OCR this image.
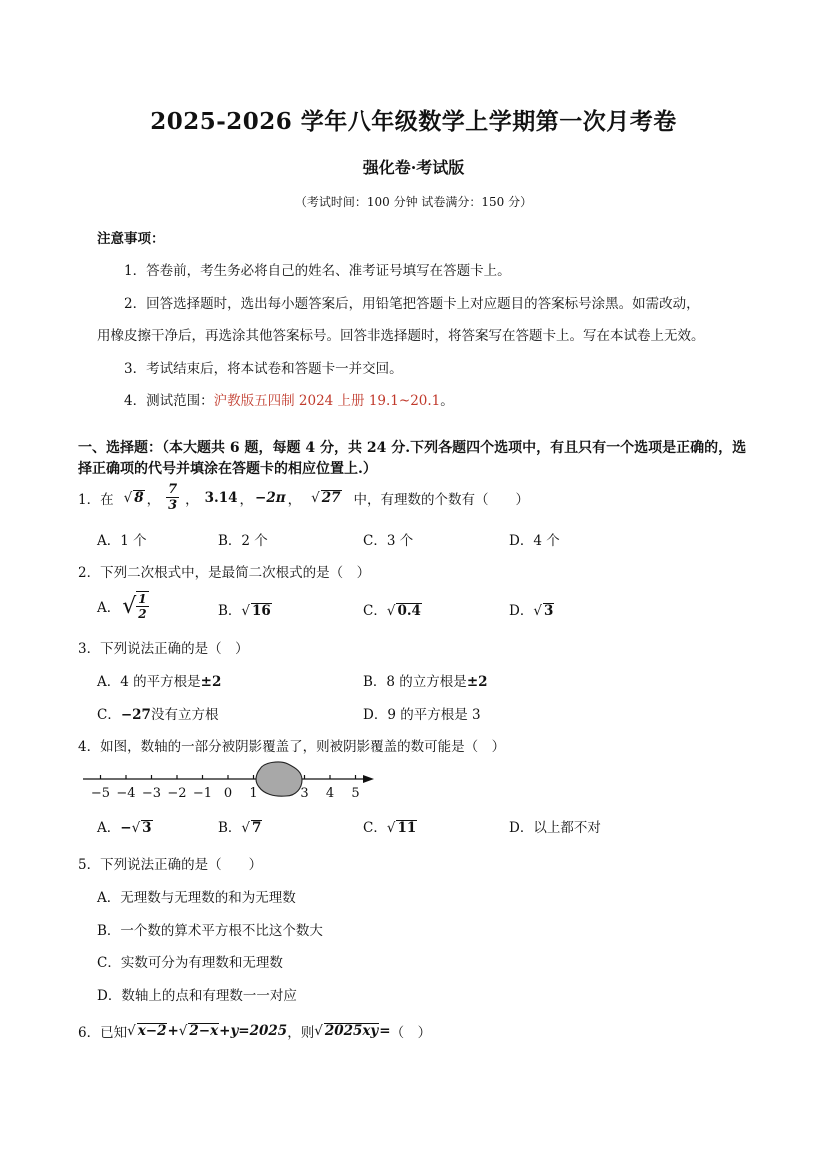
2025-2026 学年八年级数学上学期第一次月考卷
强化卷·考试版
（考试时间：100 分钟 试卷满分：150 分）
注意事项：
1．答卷前，考生务必将自己的姓名、准考证号填写在答题卡上。
2．回答选择题时，选出每小题答案后，用铅笔把答题卡上对应题目的答案标号涂黑。如需改动，
用橡皮擦干净后，再选涂其他答案标号。回答非选择题时，将答案写在答题卡上。写在本试卷上无效。
3．考试结束后，将本试卷和答题卡一并交回。
4．测试范围：沪教版五四制 2024 上册 19.1~20.1。
一、选择题：（本大题共 6 题，每题 4 分，共 24 分.下列各题四个选项中，有且只有一个选项是正确的，选
择正确项的代号并填涂在答题卡的相应位置上.）
1．在 √ 8 ， $\frac{7}{3}$ ， 3.14 ， −2π ， √ 27 中，有理数的个数有（　　）
A．1 个	B．2 个	C．3 个	D．4 个
2．下列二次根式中，是最简二次根式的是（　）
A． √ $\frac{1}{2}$	B．√ 16	C．√ 0.4	D．√ 3
3．下列说法正确的是（　）
A．4 的平方根是±2	B．8 的立方根是±2
C．−27没有立方根	D．9 的平方根是 3
4．如图，数轴的一部分被阴影覆盖了，则被阴影覆盖的数可能是（　）
−5 −4 −3 −2 −1 0 1	3 4 5
A．−√ 3	B．√ 7	C．√ 11	D．以上都不对
5．下列说法正确的是（　　）
A．无理数与无理数的和为无理数
B．一个数的算术平方根不比这个数大
C．实数可分为有理数和无理数
D．数轴上的点和有理数一一对应
6．已知 √ x−2 + √ 2−x +y=2025 ，则 √ 2025xy = （　）
